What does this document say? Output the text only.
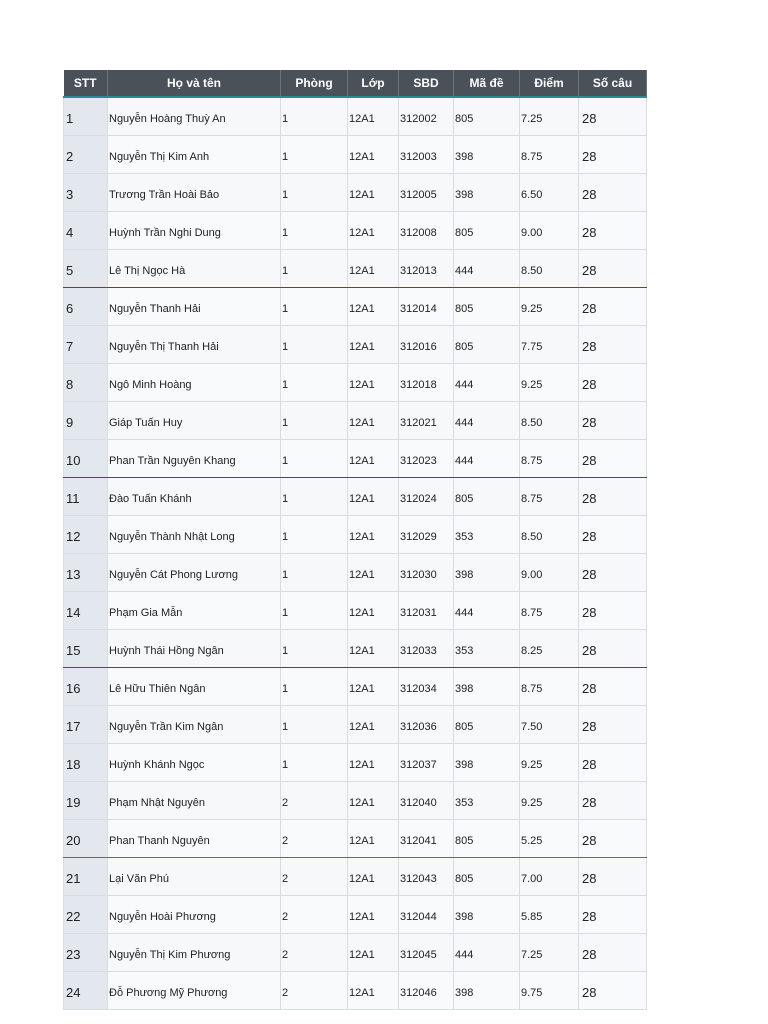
STT	Họ và tên	Phòng	Lớp	SBD	Mã đề	Điểm	Số câu
1	Nguyễn Hoàng Thuỳ An	1	12A1	312002	805	7.25	28
2	Nguyễn Thị Kim Anh	1	12A1	312003	398	8.75	28
3	Trương Trần Hoài Bảo	1	12A1	312005	398	6.50	28
4	Huỳnh Trần Nghi Dung	1	12A1	312008	805	9.00	28
5	Lê Thị Ngọc Hà	1	12A1	312013	444	8.50	28
6	Nguyễn Thanh Hải	1	12A1	312014	805	9.25	28
7	Nguyễn Thị Thanh Hải	1	12A1	312016	805	7.75	28
8	Ngô Minh Hoàng	1	12A1	312018	444	9.25	28
9	Giáp Tuấn Huy	1	12A1	312021	444	8.50	28
10	Phan Trần Nguyên Khang	1	12A1	312023	444	8.75	28
11	Đào Tuấn Khánh	1	12A1	312024	805	8.75	28
12	Nguyễn Thành Nhật Long	1	12A1	312029	353	8.50	28
13	Nguyễn Cát Phong Lương	1	12A1	312030	398	9.00	28
14	Phạm Gia Mẫn	1	12A1	312031	444	8.75	28
15	Huỳnh Thái Hồng Ngân	1	12A1	312033	353	8.25	28
16	Lê Hữu Thiên Ngân	1	12A1	312034	398	8.75	28
17	Nguyễn Trần Kim Ngân	1	12A1	312036	805	7.50	28
18	Huỳnh Khánh Ngọc	1	12A1	312037	398	9.25	28
19	Phạm Nhật Nguyên	2	12A1	312040	353	9.25	28
20	Phan Thanh Nguyên	2	12A1	312041	805	5.25	28
21	Lại Văn Phú	2	12A1	312043	805	7.00	28
22	Nguyễn Hoài Phương	2	12A1	312044	398	5.85	28
23	Nguyễn Thị Kim Phương	2	12A1	312045	444	7.25	28
24	Đỗ Phương Mỹ Phương	2	12A1	312046	398	9.75	28
